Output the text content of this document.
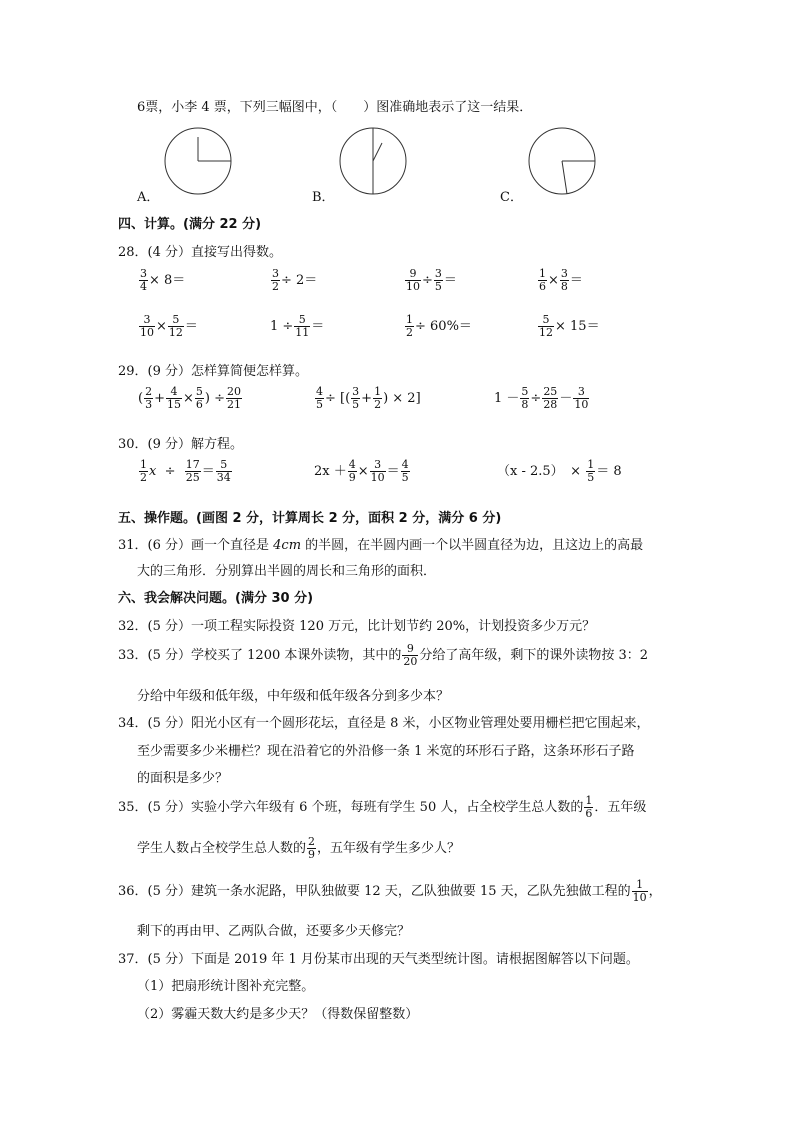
6票，小李 4 票，下列三幅图中，（　　）图准确地表示了这一结果．
A．	B．	C．
四、计算。(满分 22 分)
28．(4 分）直接写出得数。
$\frac{3}{4} \times 8=$	$\frac{3}{2} \div 2=$	$\frac{9}{10} \div \frac{3}{5}$ ＝	$\frac{1}{6} \times \frac{3}{8}$ ＝
$\frac{3}{10} \times \frac{5}{12}$ ＝	$1 \div \frac{5}{11}$ ＝	$\frac{1}{2} \div 60\%=$	$\frac{5}{12} \times 15=$
29．(9 分）怎样算简便怎样算。
( $\frac{2}{3} + \frac{4}{15} \times \frac{5}{6}$ ) ÷ $\frac{20}{21}$	$\frac{4}{5}$ ÷ [( $\frac{3}{5} + \frac{1}{2}$ ) × 2]	$1 - \frac{5}{8} \div \frac{25}{28} - \frac{3}{10}$
30．(9 分）解方程。
$\frac{1}{2}$ $x \div \frac{17}{25} = \frac{5}{34}$	$2x + \frac{4}{9} \times \frac{3}{10} = \frac{4}{5}$	（x - 2.5）　× $\frac{1}{5} = 8$
五、操作题。(画图 2 分，计算周长 2 分，面积 2 分，满分 6 分)
31．(6 分）画一个直径是 4cm 的半圆，在半圆内画一个以半圆直径为边，且这边上的高最
大的三角形．分别算出半圆的周长和三角形的面积．
六、我会解决问题。(满分 30 分)
32．(5 分）一项工程实际投资 120 万元，比计划节约 20%，计划投资多少万元？
33．(5 分）学校买了 1200 本课外读物，其中的 $\frac{9}{20}$ 分给了高年级，剩下的课外读物按 3：2
分给中年级和低年级，中年级和低年级各分到多少本？
34．(5 分）阳光小区有一个圆形花坛，直径是 8 米，小区物业管理处要用栅栏把它围起来，
至少需要多少米栅栏？现在沿着它的外沿修一条 1 米宽的环形石子路，这条环形石子路
的面积是多少？
35．(5 分）实验小学六年级有 6 个班，每班有学生 50 人，占全校学生总人数的 $\frac{1}{6}$ ．五年级
学生人数占全校学生总人数的 $\frac{2}{9}$ ，五年级有学生多少人？
36．(5 分）建筑一条水泥路，甲队独做要 12 天，乙队独做要 15 天，乙队先独做工程的 $\frac{1}{10}$ ，
剩下的再由甲、乙两队合做，还要多少天修完？
37．(5 分）下面是 2019 年 1 月份某市出现的天气类型统计图。请根据图解答以下问题。
（1）把扇形统计图补充完整。
（2）雾霾天数大约是多少天？（得数保留整数）
